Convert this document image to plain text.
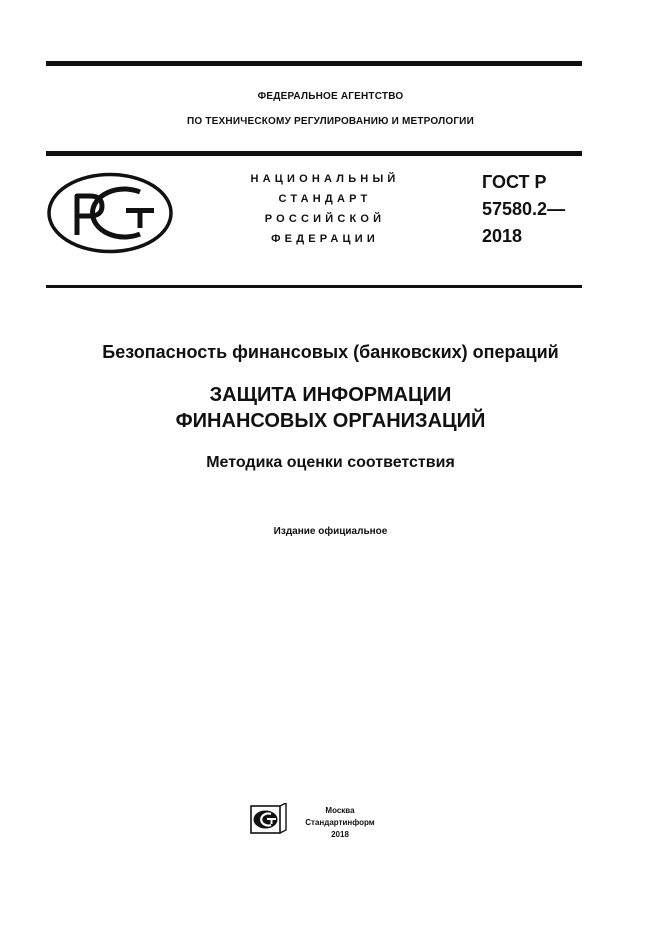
ФЕДЕРАЛЬНОЕ АГЕНТСТВО
ПО ТЕХНИЧЕСКОМУ РЕГУЛИРОВАНИЮ И МЕТРОЛОГИИ
НАЦИОНАЛЬНЫЙ
СТАНДАРТ
РОССИЙСКОЙ
ФЕДЕРАЦИИ
ГОСТ Р
57580.2—
2018
Безопасность финансовых (банковских) операций
ЗАЩИТА ИНФОРМАЦИИ
ФИНАНСОВЫХ ОРГАНИЗАЦИЙ
Методика оценки соответствия
Издание официальное
Москва
Стандартинформ
2018
